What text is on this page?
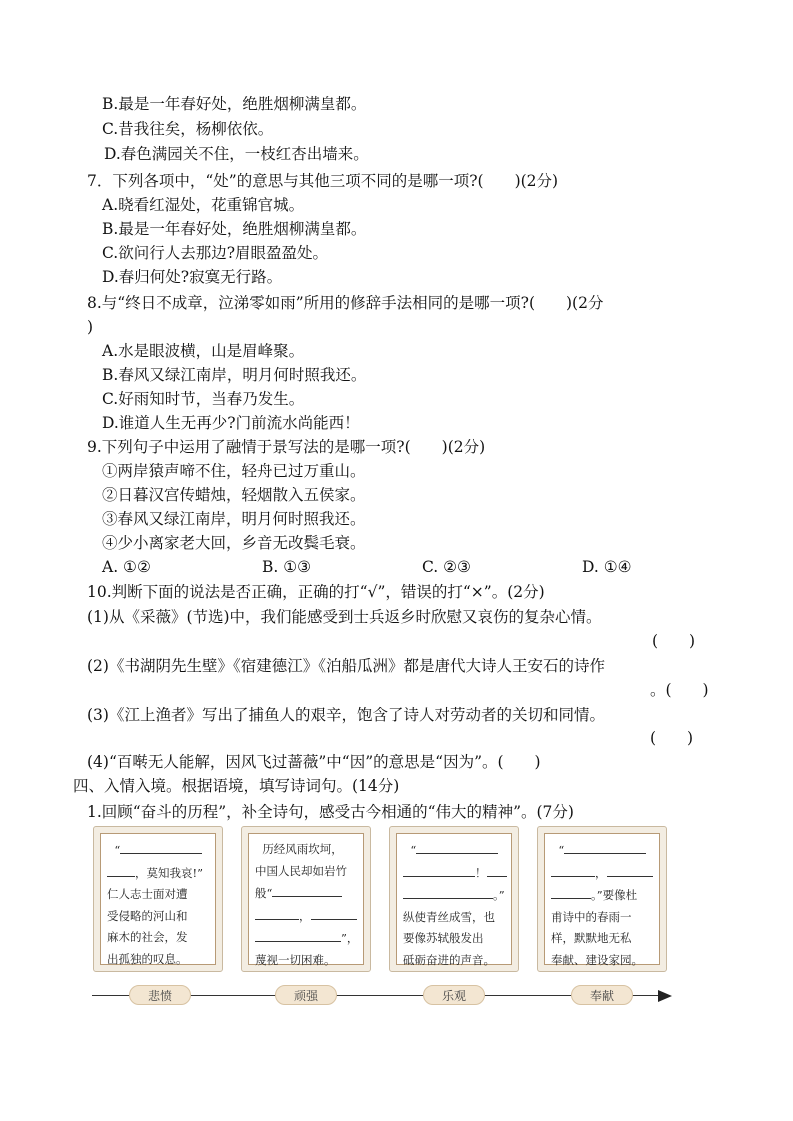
B.最是一年春好处，绝胜烟柳满皇都。
C.昔我往矣，杨柳依依。
D.春色满园关不住，一枝红杏出墙来。
7．下列各项中，“处”的意思与其他三项不同的是哪一项?(　　)(2分)
A.晓看红湿处，花重锦官城。
B.最是一年春好处，绝胜烟柳满皇都。
C.欲问行人去那边?眉眼盈盈处。
D.春归何处?寂寞无行路。
8.与“终日不成章，泣涕零如雨”所用的修辞手法相同的是哪一项?(　　)(2分
)
A.水是眼波横，山是眉峰聚。
B.春风又绿江南岸，明月何时照我还。
C.好雨知时节，当春乃发生。
D.谁道人生无再少?门前流水尚能西！
9.下列句子中运用了融情于景写法的是哪一项?(　　)(2分)
①两岸猿声啼不住，轻舟已过万重山。
②日暮汉宫传蜡烛，轻烟散入五侯家。
③春风又绿江南岸，明月何时照我还。
④少小离家老大回，乡音无改鬓毛衰。
A. ①②	B. ①③	C. ②③	D. ①④
10.判断下面的说法是否正确，正确的打“√”，错误的打“×”。(2分)
(1)从《采薇》(节选)中，我们能感受到士兵返乡时欣慰又哀伤的复杂心情。
(　　)
(2)《书湖阴先生壁》《宿建德江》《泊船瓜洲》都是唐代大诗人王安石的诗作
。(　　)
(3)《江上渔者》写出了捕鱼人的艰辛，饱含了诗人对劳动者的关切和同情。
(　　)
(4)“百啭无人能解，因风飞过蔷薇”中“因”的意思是“因为”。(　　)
四、入情入境。根据语境，填写诗词句。(14分)
1.回顾“奋斗的历程”，补全诗句，感受古今相通的“伟大的精神”。(7分)
“
，莫知我哀!”
仁人志士面对遭
受侵略的河山和
麻木的社会，发
出孤独的叹息。
历经风雨坎坷，
中国人民却如岩竹
般“
，
”，
蔑视一切困难。
“
！
。”
纵使青丝成雪，也
要像苏轼般发出
砥砺奋进的声音。
“
，
。”要像杜
甫诗中的春雨一
样，默默地无私
奉献、建设家园。
悲愤	顽强	乐观	奉献
